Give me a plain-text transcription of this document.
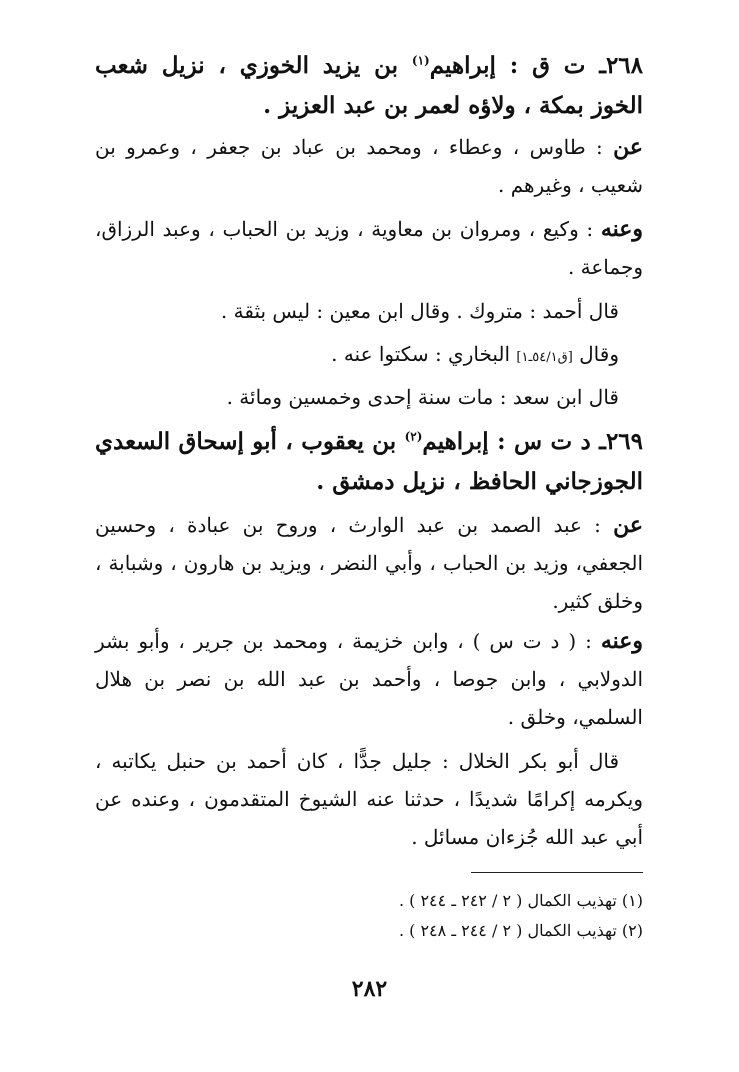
٢٦٨ـ ت ق : إبراهيم$^{(١)}$ بن يزيد الخوزي ، نزيل شعب الخوز بمكة ، ولاؤه لعمر بن عبد العزيز .
عن : طاوس ، وعطاء ، ومحمد بن عباد بن جعفر ، وعمرو بن شعيب ، وغيرهم .
وعنه : وكيع ، ومروان بن معاوية ، وزيد بن الحباب ، وعبد الرزاق، وجماعة .
قال أحمد : متروك . وقال ابن معين : ليس بثقة .
وقال [ق٥٤/١ـ١] البخاري : سكتوا عنه .
قال ابن سعد : مات سنة إحدى وخمسين ومائة .
٢٦٩ـ د ت س : إبراهيم$^{(٢)}$ بن يعقوب ، أبو إسحاق السعدي الجوزجاني الحافظ ، نزيل دمشق .
عن : عبد الصمد بن عبد الوارث ، وروح بن عبادة ، وحسين الجعفي، وزيد بن الحباب ، وأبي النضر ، ويزيد بن هارون ، وشبابة ، وخلق كثير.
وعنه : ( د ت س ) ، وابن خزيمة ، ومحمد بن جرير ، وأبو بشر الدولابي ، وابن جوصا ، وأحمد بن عبد الله بن نصر بن هلال السلمي، وخلق .
قال أبو بكر الخلال : جليل جدًّا ، كان أحمد بن حنبل يكاتبه ، ويكرمه إكرامًا شديدًا ، حدثنا عنه الشيوخ المتقدمون ، وعنده عن أبي عبد الله جُزءان مسائل .
(١) تهذيب الكمال ( ٢ / ٢٤٢ ـ ٢٤٤ ) .
(٢) تهذيب الكمال ( ٢ / ٢٤٤ ـ ٢٤٨ ) .
٢٨٢
